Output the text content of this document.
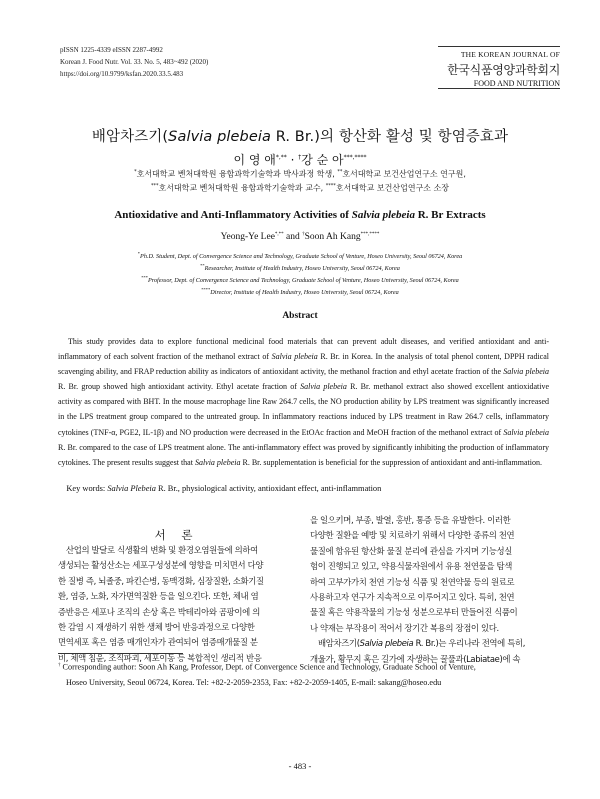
pISSN 1225-4339 eISSN 2287-4992
Korean J. Food Nutr. Vol. 33. No. 5, 483~492 (2020)
https://doi.org/10.9799/ksfan.2020.33.5.483
THE KOREAN JOURNAL OF
한국식품영양과학회지
FOOD AND NUTRITION
배암차즈기(Salvia plebeia R. Br.)의 항산화 활성 및 항염증효과
이 영 애*,** · †강 순 아***,****
*호서대학교 벤처대학원 융합과학기술학과 박사과정 학생, **호서대학교 보건산업연구소 연구원,
***호서대학교 벤처대학원 융합과학기술학과 교수, ****호서대학교 보건산업연구소 소장
Antioxidative and Anti-Inflammatory Activities of Salvia plebeia R. Br Extracts
Yeong-Ye Lee*,** and †Soon Ah Kang***,****
*Ph.D. Student, Dept. of Convergence Science and Technology, Graduate School of Venture, Hoseo University, Seoul 06724, Korea
**Researcher, Institute of Health Industry, Hoseo University, Seoul 06724, Korea
***Professor, Dept. of Convergence Science and Technology, Graduate School of Venture, Hoseo University, Seoul 06724, Korea
****Director, Institute of Health Industry, Hoseo University, Seoul 06724, Korea
Abstract
This study provides data to explore functional medicinal food materials that can prevent adult diseases, and verified antioxidant and anti-inflammatory of each solvent fraction of the methanol extract of Salvia plebeia R. Br. in Korea. In the analysis of total phenol content, DPPH radical scavenging ability, and FRAP reduction ability as indicators of antioxidant activity, the methanol fraction and ethyl acetate fraction of the Salvia plebeia R. Br. group showed high antioxidant activity. Ethyl acetate fraction of Salvia plebeia R. Br. methanol extract also showed excellent antioxidative activity as compared with BHT. In the mouse macrophage line Raw 264.7 cells, the NO production ability by LPS treatment was significantly increased in the LPS treatment group compared to the untreated group. In inflammatory reactions induced by LPS treatment in Raw 264.7 cells, inflammatory cytokines (TNF-α, PGE2, IL-1β) and NO production were decreased in the EtOAc fraction and MeOH fraction of the methanol extract of Salvia plebeia R. Br. compared to the case of LPS treatment alone. The anti-inflammatory effect was proved by significantly inhibiting the production of inflammatory cytokines. The present results suggest that Salvia plebeia R. Br. supplementation is beneficial for the suppression of antioxidant and anti-inflammation.
Key words: Salvia Plebeia R. Br., physiological activity, antioxidant effect, anti-inflammation
서 론
산업의 발달로 식생활의 변화 및 환경오염원들에 의하여
생성되는 활성산소는 세포구성성분에 영향을 미치면서 다양
한 질병 즉, 뇌졸중, 파킨슨병, 동맥경화, 심장질환, 소화기질
환, 염증, 노화, 자가면역질환 등을 일으킨다. 또한, 체내 염
증반응은 세포나 조직의 손상 혹은 박테리아와 곰팡이에 의
한 감염 시 재생하기 위한 생체 방어 반응과정으로 다양한
면역세포 혹은 염증 매개인자가 관여되어 염증매개물질 분
비, 체액 침윤, 조직파괴, 세포이동 등 복합적인 생리적 반응
을 일으키며, 부종, 발열, 홍반, 통증 등을 유발한다. 이러한
다양한 질환을 예방 및 치료하기 위해서 다양한 종류의 천연
물질에 함유된 항산화 물질 분리에 관심을 가지며 기능성실
험이 진행되고 있고, 약용식물자원에서 유용 천연물을 탐색
하여 고부가가치 천연 기능성 식품 및 천연약물 등의 원료로
사용하고자 연구가 지속적으로 이루어지고 있다. 특히, 천연
물질 혹은 약용작물의 기능성 성분으로부터 만들어진 식품이
나 약재는 부작용이 적어서 장기간 복용의 장점이 있다.
배암차즈기(Salvia plebeia R. Br.)는 우리나라 전역에 특히,
개울가, 황무지 혹은 길가에 자생하는 꿀풀과(Labiatae)에 속
† Corresponding author: Soon Ah Kang, Professor, Dept. of Convergence Science and Technology, Graduate School of Venture,
Hoseo University, Seoul 06724, Korea. Tel: +82-2-2059-2353, Fax: +82-2-2059-1405, E-mail: sakang@hoseo.edu
- 483 -
